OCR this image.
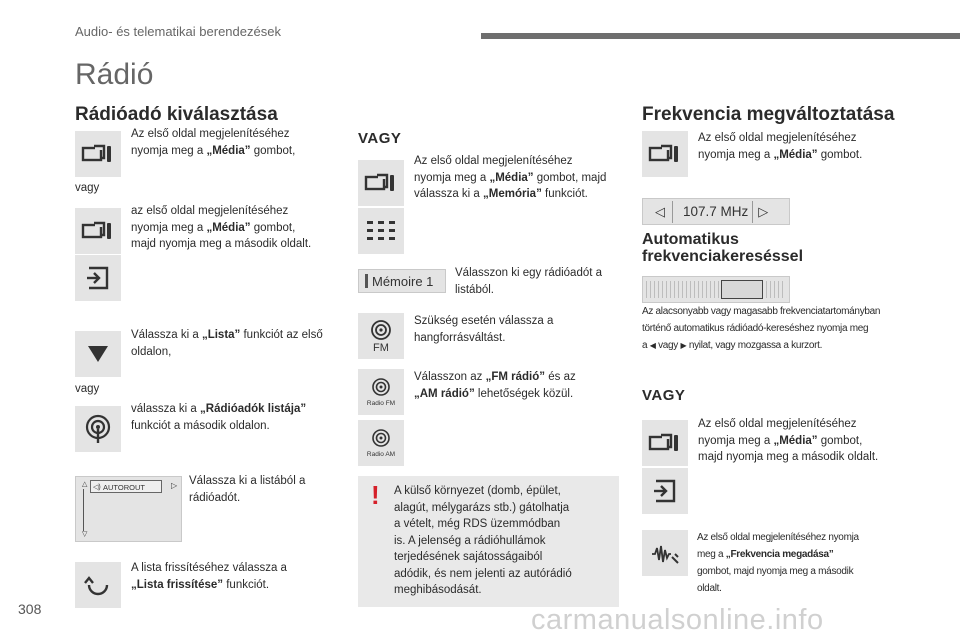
Audio- és telematikai berendezések
Rádió
Rádióadó kiválasztása
Az első oldal megjelenítéséhez
nyomja meg a „Média” gombot,
vagy
az első oldal megjelenítéséhez
nyomja meg a „Média” gombot,
majd nyomja meg a második oldalt.
Válassza ki a „Lista” funkciót az első
oldalon,
vagy
válassza ki a „Rádióadók listája”
funkciót a második oldalon.
△
▽
◁) AUTOROUT	▷ Válassza ki a listából a
rádióadót.
A lista frissítéséhez válassza a
„Lista frissítése” funkciót.
VAGY
Az első oldal megjelenítéséhez
nyomja meg a „Média” gombot, majd
válassza ki a „Memória” funkciót.
Mémoire 1
Válasszon ki egy rádióadót a
listából.
FM
Szükség esetén válassza a
hangforrásváltást.
Radio FM
Radio AM
Válasszon az „FM rádió” és az
„AM rádió” lehetőségek közül.
! A külső környezet (domb, épület,
alagút, mélygarázs stb.) gátolhatja
a vételt, még RDS üzemmódban
is. A jelenség a rádióhullámok
terjedésének sajátosságaiból
adódik, és nem jelenti az autórádió
meghibásodását.
Frekvencia megváltoztatása
Az első oldal megjelenítéséhez
nyomja meg a „Média” gombot.
◁ 107.7 MHz ▷
Automatikus
frekvenciakereséssel
Az alacsonyabb vagy magasabb frekvenciatartományban
történő automatikus rádióadó-kereséshez nyomja meg
a ◀ vagy ▶ nyilat, vagy mozgassa a kurzort.
VAGY
Az első oldal megjelenítéséhez
nyomja meg a „Média” gombot,
majd nyomja meg a második oldalt.
Az első oldal megjelenítéséhez nyomja
meg a „Frekvencia megadása”
gombot, majd nyomja meg a második
oldalt.
308	carmanualsonline.info
